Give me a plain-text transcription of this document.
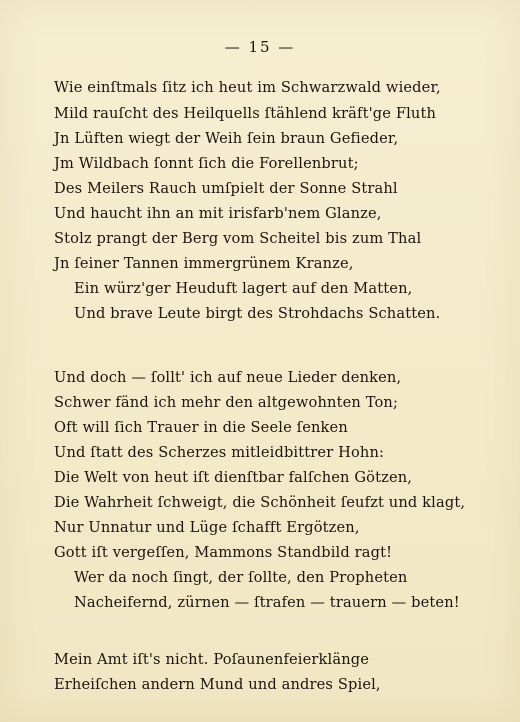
— 15 —
Wie einſtmals ſitz ich heut im Schwarzwald wieder,
Mild rauſcht des Heilquells ſtählend kräft'ge Fluth
Jn Lüften wiegt der Weih ſein braun Gefieder,
Jm Wildbach ſonnt ſich die Forellenbrut;
Des Meilers Rauch umſpielt der Sonne Strahl
Und haucht ihn an mit irisfarb'nem Glanze,
Stolz prangt der Berg vom Scheitel bis zum Thal
Jn ſeiner Tannen immergrünem Kranze,
Ein würz'ger Heuduft lagert auf den Matten,
Und brave Leute birgt des Strohdachs Schatten.
Und doch — ſollt' ich auf neue Lieder denken,
Schwer fänd ich mehr den altgewohnten Ton;
Oft will ſich Trauer in die Seele ſenken
Und ſtatt des Scherzes mitleidbittrer Hohn:
Die Welt von heut iſt dienſtbar falſchen Götzen,
Die Wahrheit ſchweigt, die Schönheit ſeufzt und klagt,
Nur Unnatur und Lüge ſchafft Ergötzen,
Gott iſt vergeſſen, Mammons Standbild ragt!
Wer da noch ſingt, der ſollte, den Propheten
Nacheifernd, zürnen — ſtrafen — trauern — beten!
Mein Amt iſt's nicht. Poſaunenfeierklänge
Erheiſchen andern Mund und andres Spiel,
